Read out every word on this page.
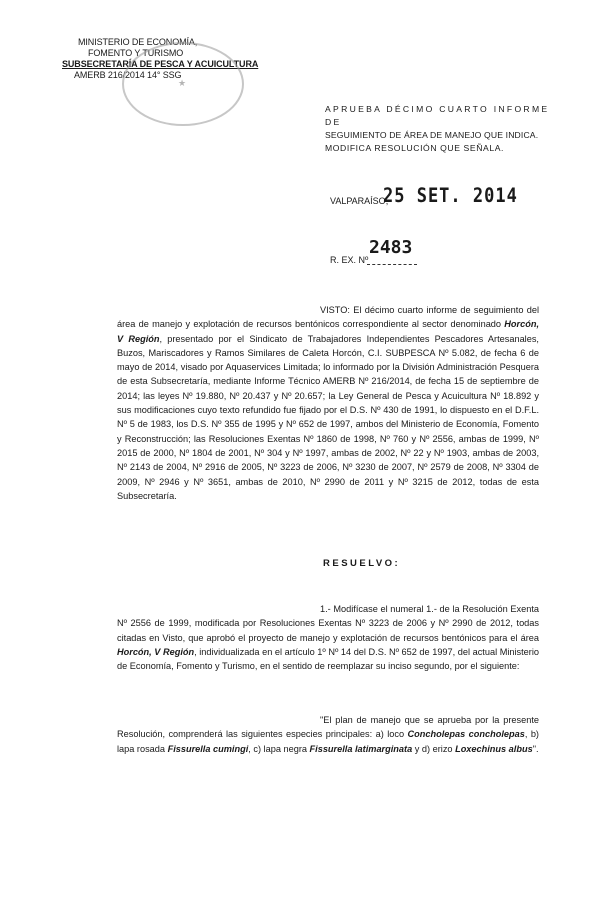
MINISTERIO DE ECONOMÍA,
FOMENTO Y TURISMO
SUBSECRETARÍA DE PESCA Y ACUICULTURA
AMERB 216/2014 14° SSG
★
APRUEBA DÉCIMO CUARTO INFORME DE
SEGUIMIENTO DE ÁREA DE MANEJO QUE INDICA.
MODIFICA RESOLUCIÓN QUE SEÑALA.
VALPARAÍSO,
25 SET. 2014
R. EX. Nº
2483
VISTO: El décimo cuarto informe de seguimiento del área de manejo y explotación de recursos bentónicos correspondiente al sector denominado Horcón, V Región, presentado por el Sindicato de Trabajadores Independientes Pescadores Artesanales, Buzos, Mariscadores y Ramos Similares de Caleta Horcón, C.I. SUBPESCA Nº 5.082, de fecha 6 de mayo de 2014, visado por Aquaservices Limitada; lo informado por la División Administración Pesquera de esta Subsecretaría, mediante Informe Técnico AMERB Nº 216/2014, de fecha 15 de septiembre de 2014; las leyes Nº 19.880, Nº 20.437 y Nº 20.657; la Ley General de Pesca y Acuicultura Nº 18.892 y sus modificaciones cuyo texto refundido fue fijado por el D.S. Nº 430 de 1991, lo dispuesto en el D.F.L. Nº 5 de 1983, los D.S. Nº 355 de 1995 y Nº 652 de 1997, ambos del Ministerio de Economía, Fomento y Reconstrucción; las Resoluciones Exentas Nº 1860 de 1998, Nº 760 y Nº 2556, ambas de 1999, Nº 2015 de 2000, Nº 1804 de 2001, Nº 304 y Nº 1997, ambas de 2002, Nº 22 y Nº 1903, ambas de 2003, Nº 2143 de 2004, Nº 2916 de 2005, Nº 3223 de 2006, Nº 3230 de 2007, Nº 2579 de 2008, Nº 3304 de 2009, Nº 2946 y Nº 3651, ambas de 2010, Nº 2990 de 2011 y Nº 3215 de 2012, todas de esta Subsecretaría.
RESUELVO:
1.- Modifícase el numeral 1.- de la Resolución Exenta Nº 2556 de 1999, modificada por Resoluciones Exentas Nº 3223 de 2006 y Nº 2990 de 2012, todas citadas en Visto, que aprobó el proyecto de manejo y explotación de recursos bentónicos para el área Horcón, V Región, individualizada en el artículo 1º Nº 14 del D.S. Nº 652 de 1997, del actual Ministerio de Economía, Fomento y Turismo, en el sentido de reemplazar su inciso segundo, por el siguiente:
"El plan de manejo que se aprueba por la presente Resolución, comprenderá las siguientes especies principales: a) loco Concholepas concholepas, b) lapa rosada Fissurella cumingi, c) lapa negra Fissurella latimarginata y d) erizo Loxechinus albus".
